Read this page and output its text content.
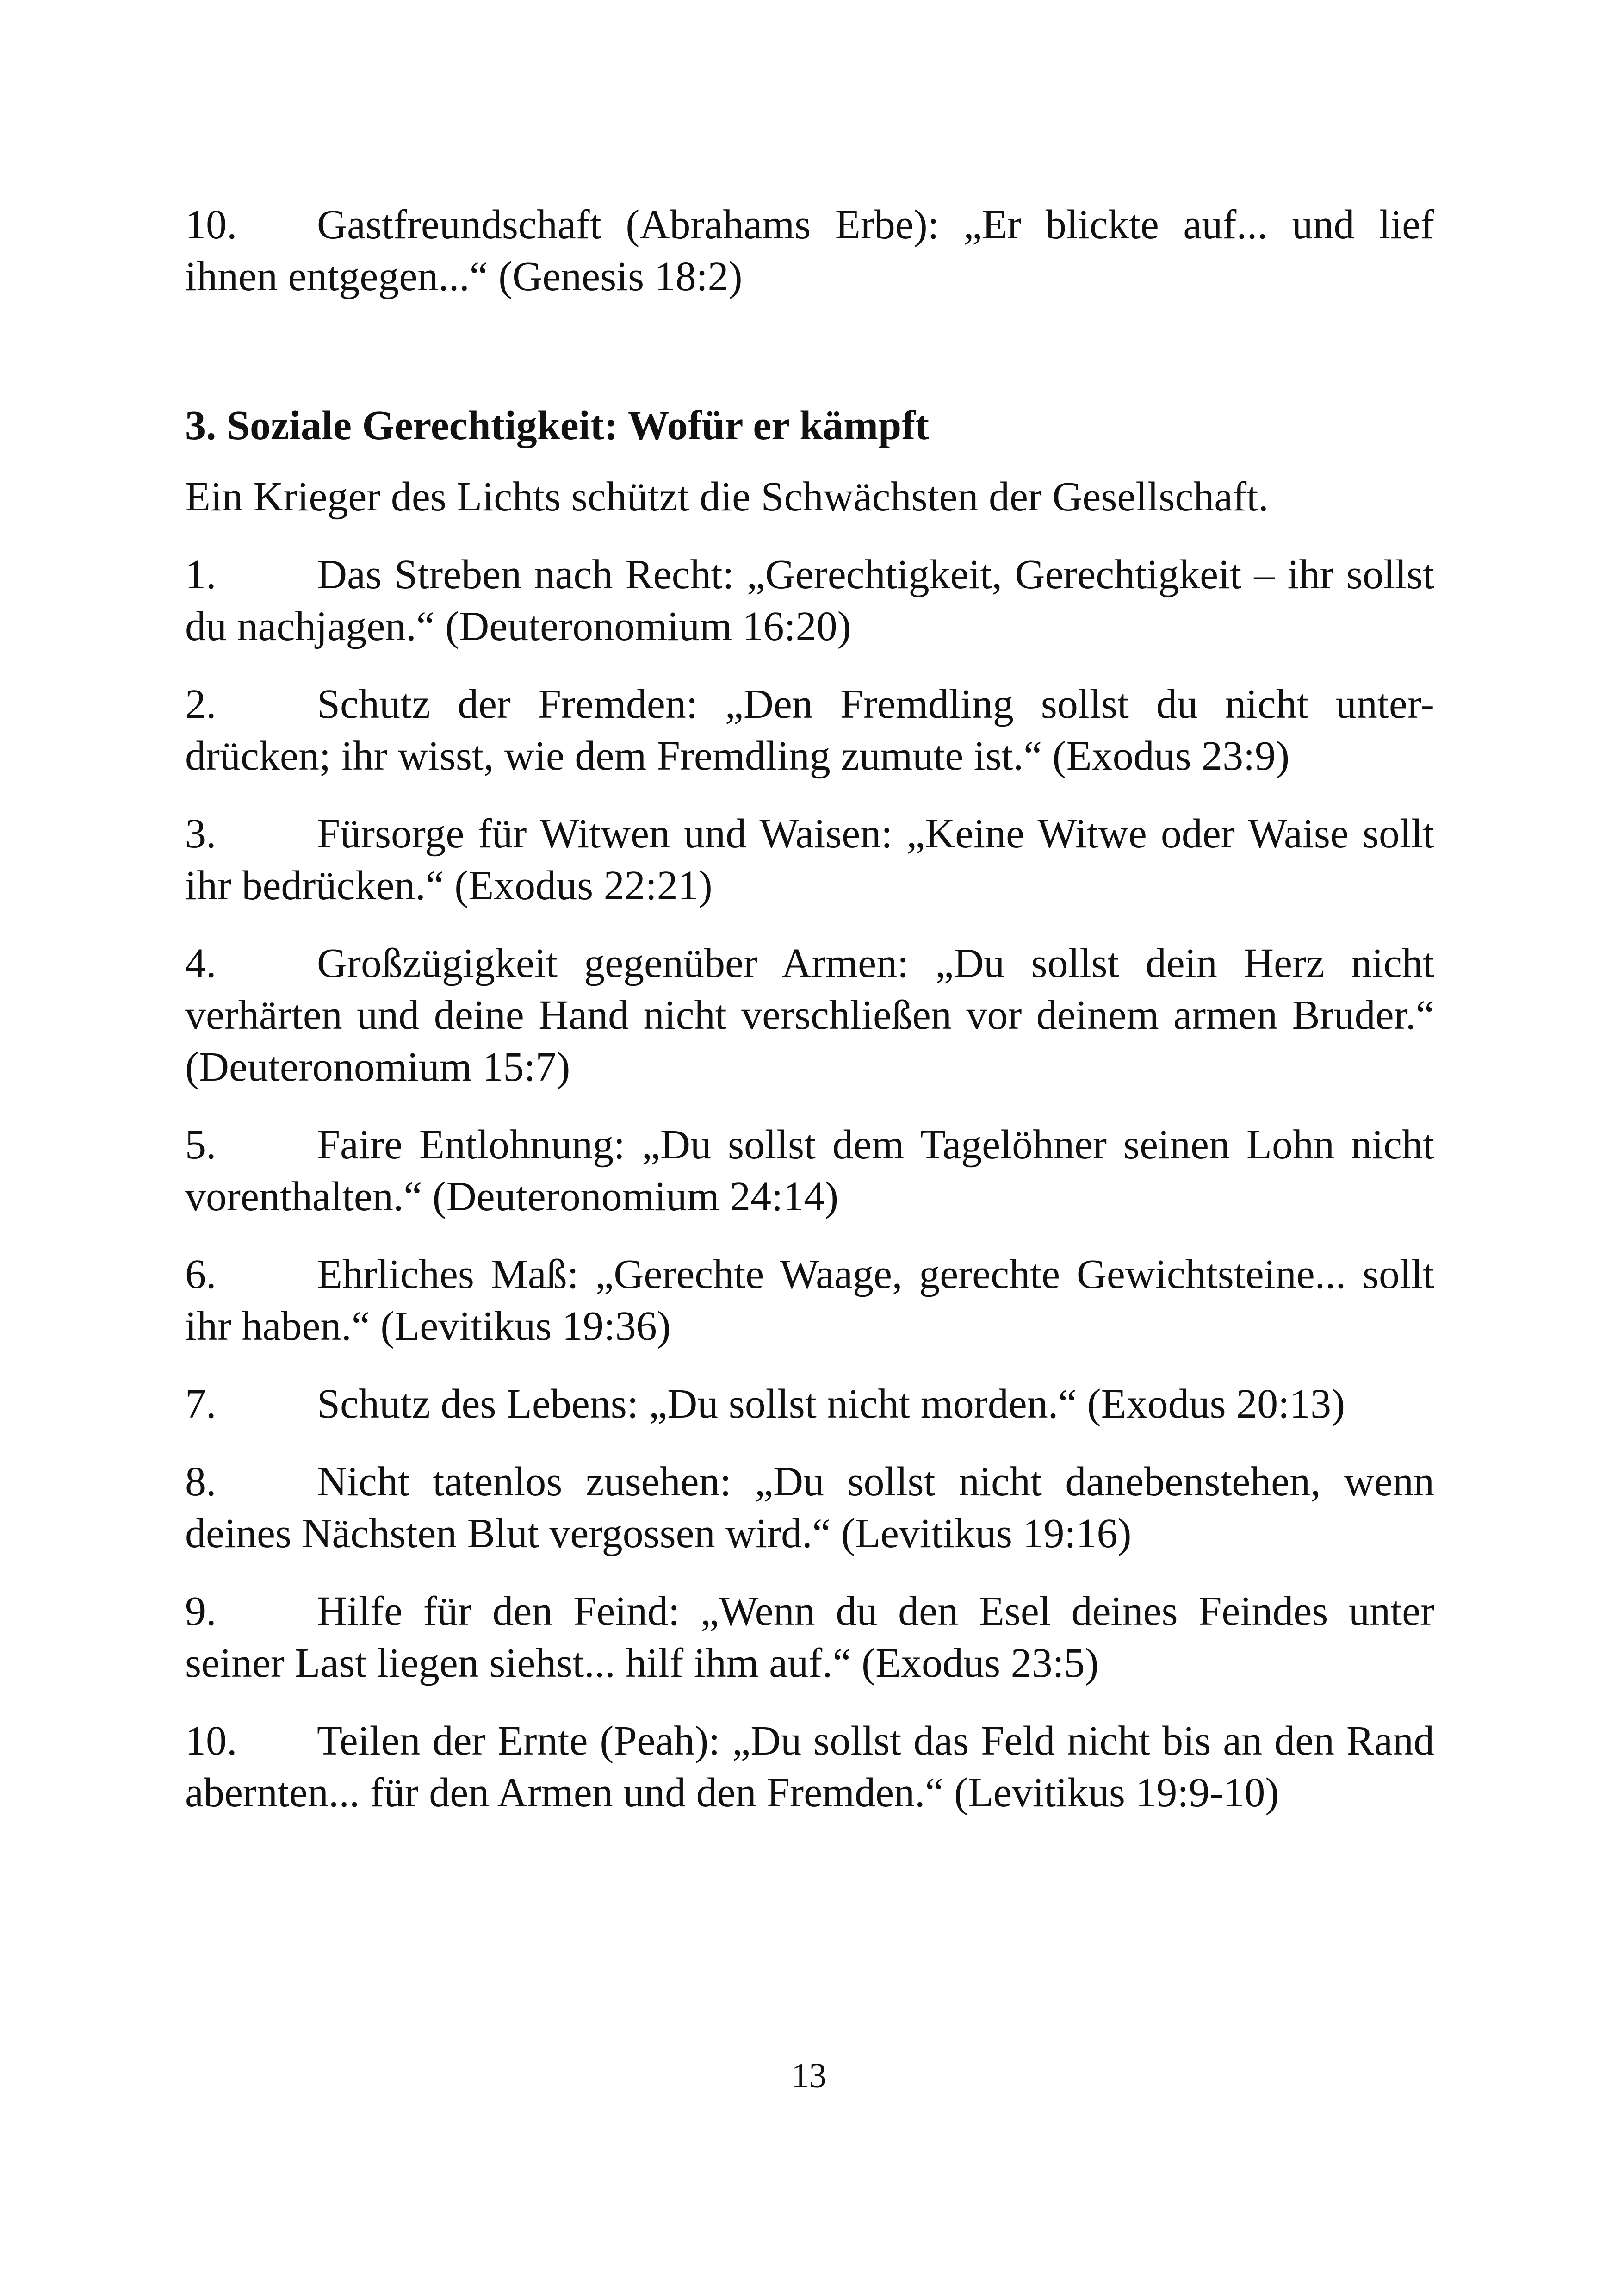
10. Gastfreundschaft (Abrahams Erbe): „Er blickte auf... und lief ihnen entgegen...“ (Genesis 18:2)

3. Soziale Gerechtigkeit: Wofür er kämpft

Ein Krieger des Lichts schützt die Schwächsten der Gesellschaft.

1. Das Streben nach Recht: „Gerechtigkeit, Gerechtigkeit – ihr sollst du nachjagen.“ (Deuteronomium 16:20)

2. Schutz der Fremden: „Den Fremdling sollst du nicht unter-drücken; ihr wisst, wie dem Fremdling zumute ist.“ (Exodus 23:9)

3. Fürsorge für Witwen und Waisen: „Keine Witwe oder Waise sollt ihr bedrücken.“ (Exodus 22:21)

4. Großzügigkeit gegenüber Armen: „Du sollst dein Herz nicht verhärten und deine Hand nicht verschließen vor deinem armen Bruder.“ (Deuteronomium 15:7)

5. Faire Entlohnung: „Du sollst dem Tagelöhner seinen Lohn nicht vorenthalten.“ (Deuteronomium 24:14)

6. Ehrliches Maß: „Gerechte Waage, gerechte Gewichtsteine... sollt ihr haben.“ (Levitikus 19:36)

7. Schutz des Lebens: „Du sollst nicht morden.“ (Exodus 20:13)

8. Nicht tatenlos zusehen: „Du sollst nicht danebenstehen, wenn deines Nächsten Blut vergossen wird.“ (Levitikus 19:16)

9. Hilfe für den Feind: „Wenn du den Esel deines Feindes unter seiner Last liegen siehst... hilf ihm auf.“ (Exodus 23:5)

10. Teilen der Ernte (Peah): „Du sollst das Feld nicht bis an den Rand abernten... für den Armen und den Fremden.“ (Levitikus 19:9-10)

13
